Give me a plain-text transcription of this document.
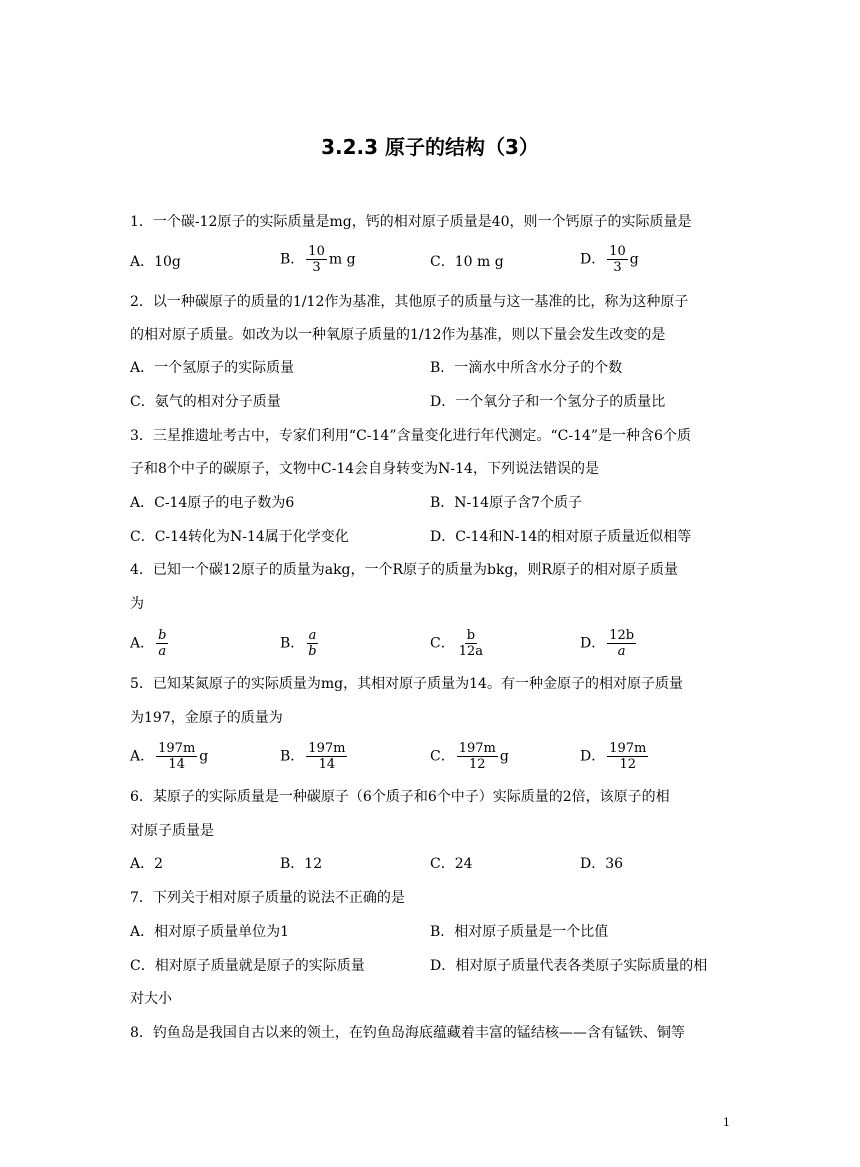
3.2.3 原子的结构（3）
1．一个碳-12原子的实际质量是mg，钙的相对原子质量是40，则一个钙原子的实际质量是
A．10g	B． $\frac{10}{3}$ m g	C．10 m g	D． $\frac{10}{3}$ g
2．以一种碳原子的质量的1/12作为基准，其他原子的质量与这一基准的比，称为这种原子
的相对原子质量。如改为以一种氧原子质量的1/12作为基准，则以下量会发生改变的是
A．一个氢原子的实际质量	B．一滴水中所含水分子的个数
C．氨气的相对分子质量	D．一个氧分子和一个氢分子的质量比
3．三星推遗址考古中，专家们利用“C-14”含量变化进行年代测定。“C-14”是一种含6个质
子和8个中子的碳原子，文物中C-14会自身转变为N-14，下列说法错误的是
A．C-14原子的电子数为6	B．N-14原子含7个质子
C．C-14转化为N-14属于化学变化	D．C-14和N-14的相对原子质量近似相等
4．已知一个碳12原子的质量为akg，一个R原子的质量为bkg，则R原子的相对原子质量
为
A． $\frac{b}{a}$	B． $\frac{a}{b}$	C． $\frac{b}{12a}$	D． $\frac{12b}{a}$
5．已知某氮原子的实际质量为mg，其相对原子质量为14。有一种金原子的相对原子质量
为197，金原子的质量为
A． $\frac{197m}{14}$ g	B． $\frac{197m}{14}$	C． $\frac{197m}{12}$ g	D． $\frac{197m}{12}$
6．某原子的实际质量是一种碳原子（6个质子和6个中子）实际质量的2倍，该原子的相
对原子质量是
A．2	B．12	C．24	D．36
7．下列关于相对原子质量的说法不正确的是
A．相对原子质量单位为1	B．相对原子质量是一个比值
C．相对原子质量就是原子的实际质量	D．相对原子质量代表各类原子实际质量的相
对大小
8．钓鱼岛是我国自古以来的领土，在钓鱼岛海底蕴藏着丰富的锰结核——含有锰铁、铜等
1
